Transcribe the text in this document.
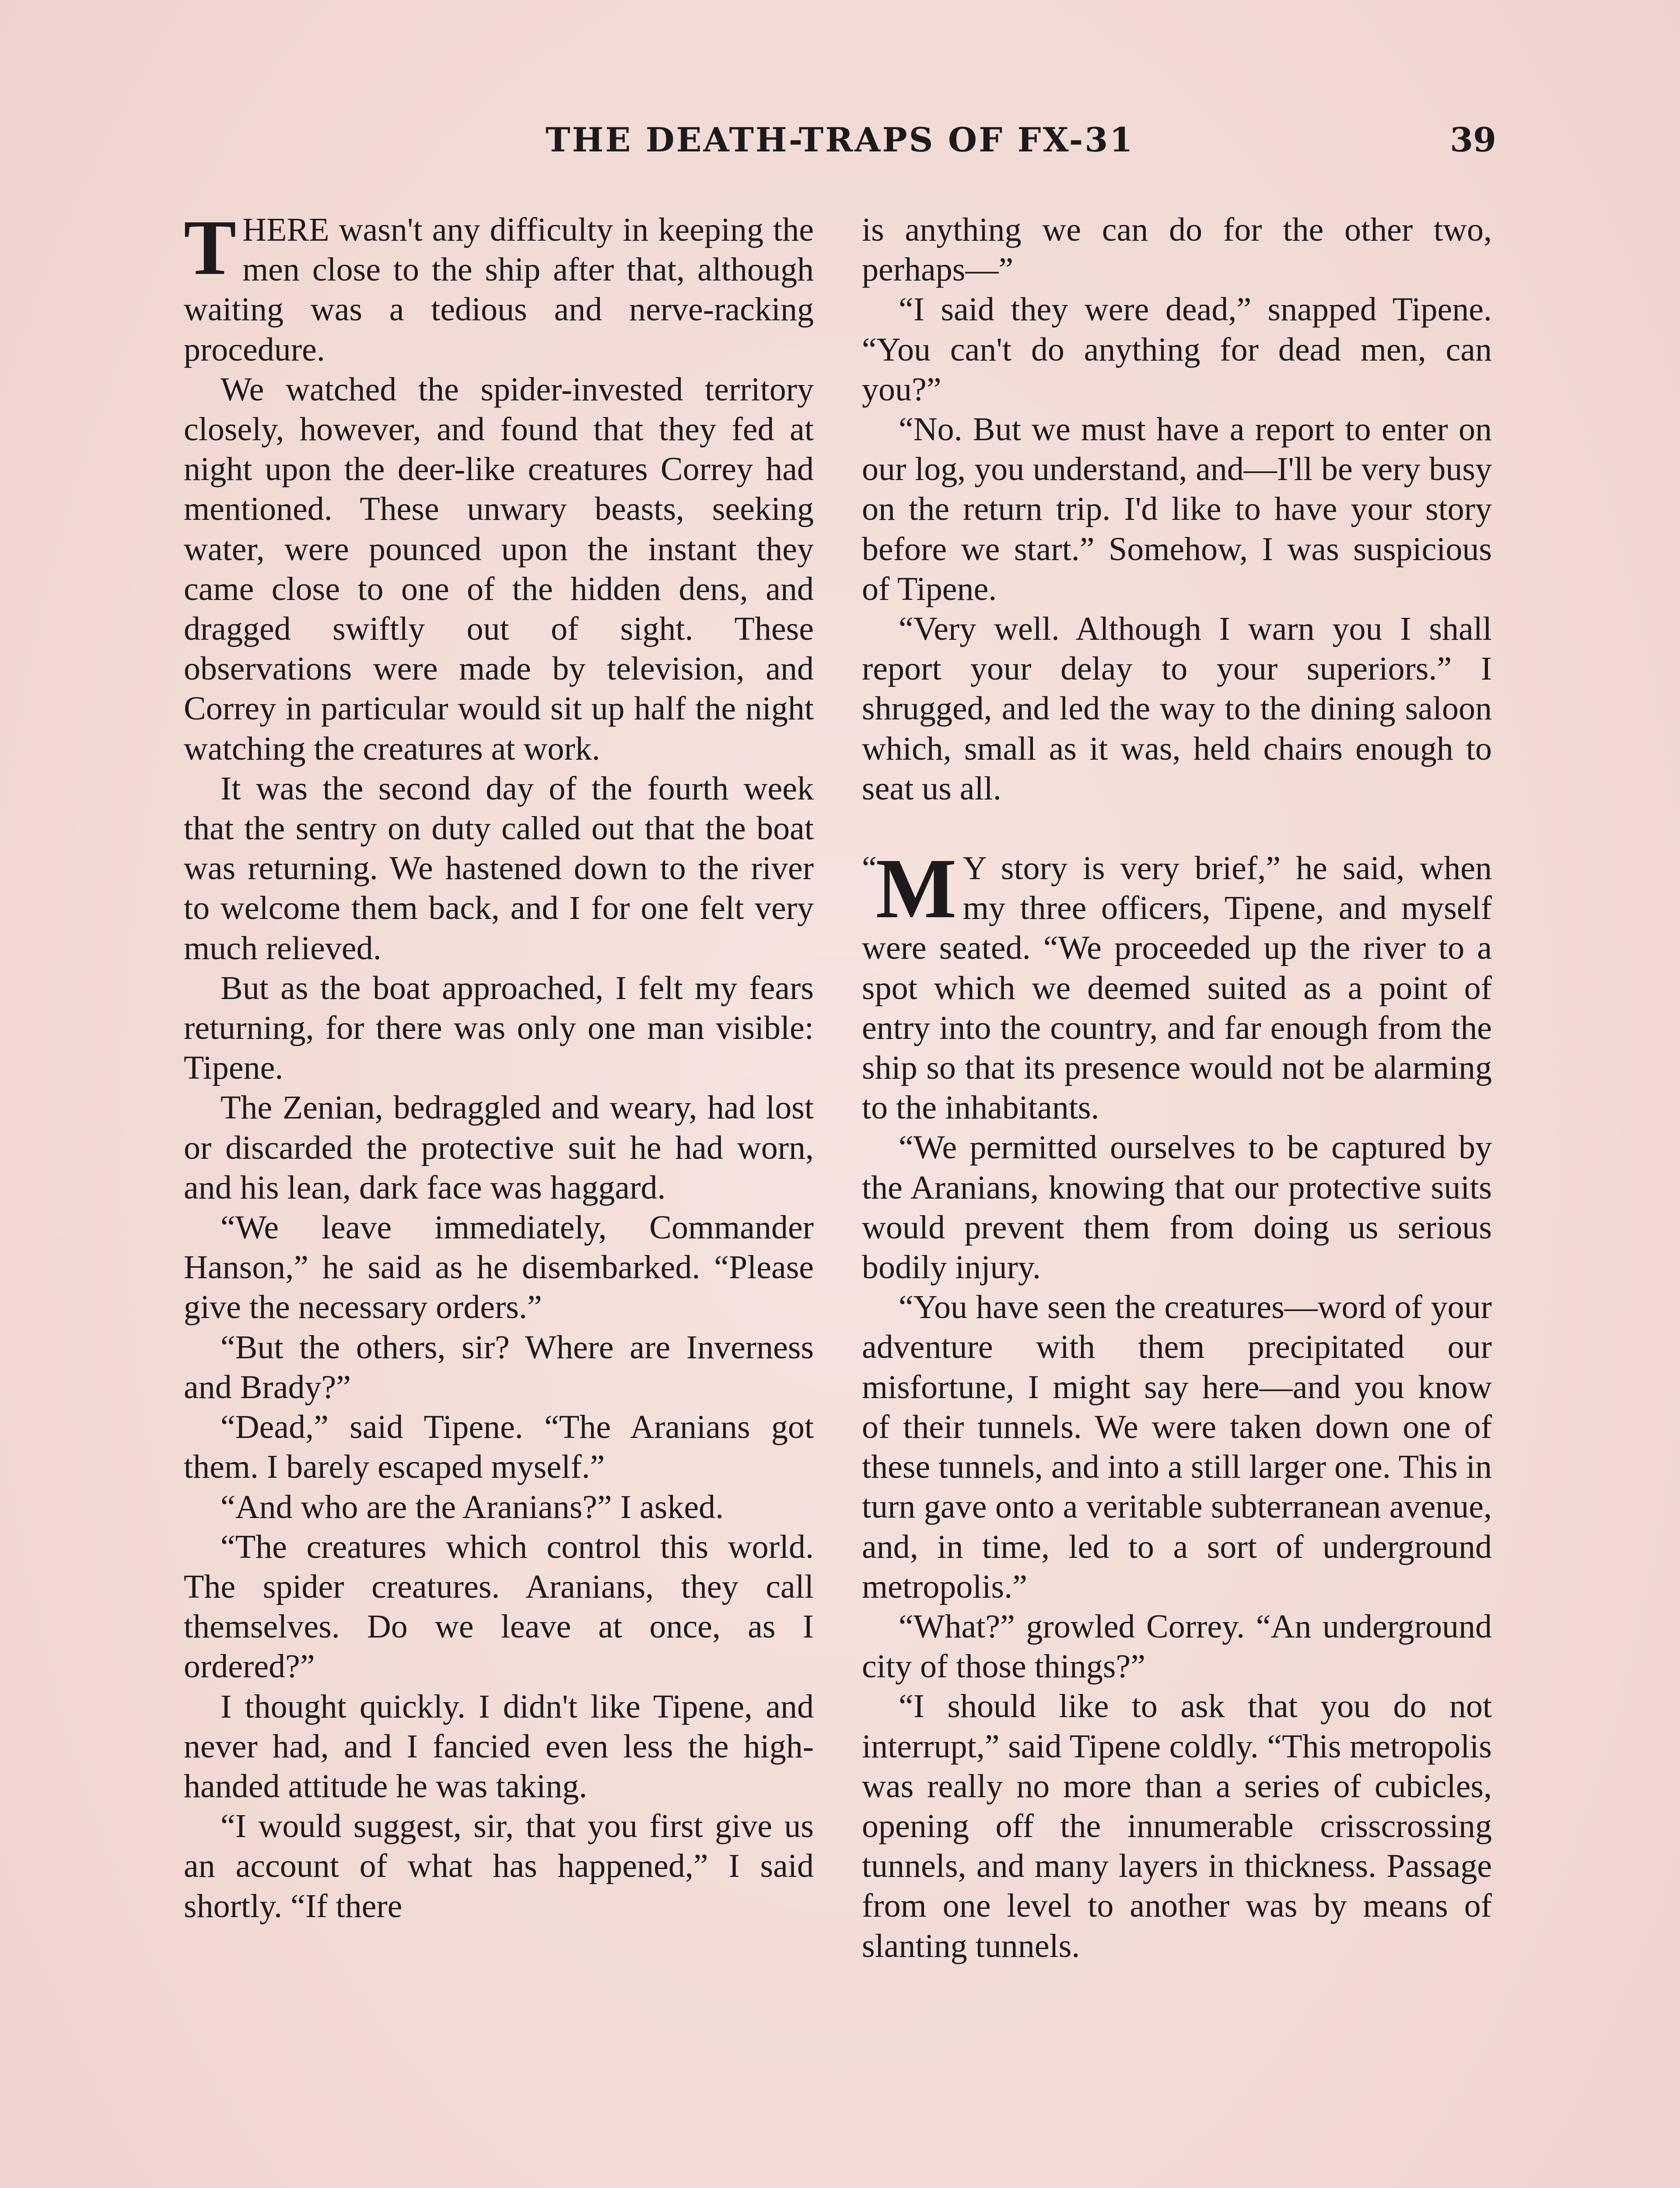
THE DEATH-TRAPS OF FX-31	39

THERE wasn't any difficulty in keeping the men close to the ship after that, although waiting was a tedious and nerve-racking procedure.

We watched the spider-invested territory closely, however, and found that they fed at night upon the deer-like creatures Correy had mentioned. These unwary beasts, seeking water, were pounced upon the instant they came close to one of the hidden dens, and dragged swiftly out of sight. These observations were made by television, and Correy in particular would sit up half the night watching the creatures at work.

It was the second day of the fourth week that the sentry on duty called out that the boat was returning. We hastened down to the river to welcome them back, and I for one felt very much relieved.

But as the boat approached, I felt my fears returning, for there was only one man visible: Tipene.

The Zenian, bedraggled and weary, had lost or discarded the protective suit he had worn, and his lean, dark face was haggard.

“We leave immediately, Commander Hanson,” he said as he disembarked. “Please give the necessary orders.”

“But the others, sir? Where are Inverness and Brady?”

“Dead,” said Tipene. “The Aranians got them. I barely escaped myself.”

“And who are the Aranians?” I asked.

“The creatures which control this world. The spider creatures. Aranians, they call themselves. Do we leave at once, as I ordered?”

I thought quickly. I didn't like Tipene, and never had, and I fancied even less the high-handed attitude he was taking.

“I would suggest, sir, that you first give us an account of what has happened,” I said shortly. “If there

is anything we can do for the other two, perhaps—”

“I said they were dead,” snapped Tipene. “You can't do anything for dead men, can you?”

“No. But we must have a report to enter on our log, you understand, and—I'll be very busy on the return trip. I'd like to have your story before we start.” Somehow, I was suspicious of Tipene.

“Very well. Although I warn you I shall report your delay to your superiors.” I shrugged, and led the way to the dining saloon which, small as it was, held chairs enough to seat us all.

“
M Y story is very brief,” he said, when my three officers, Tipene, and myself were seated. “We proceeded up the river to a spot which we deemed suited as a point of entry into the country, and far enough from the ship so that its presence would not be alarming to the inhabitants.

“We permitted ourselves to be captured by the Aranians, knowing that our protective suits would prevent them from doing us serious bodily injury.

“You have seen the creatures—word of your adventure with them precipitated our misfortune, I might say here—and you know of their tunnels. We were taken down one of these tunnels, and into a still larger one. This in turn gave onto a veritable subterranean avenue, and, in time, led to a sort of underground metropolis.”

“What?” growled Correy. “An underground city of those things?”

“I should like to ask that you do not interrupt,” said Tipene coldly. “This metropolis was really no more than a series of cubicles, opening off the innumerable crisscrossing tunnels, and many layers in thickness. Passage from one level to another was by means of slanting tunnels.
